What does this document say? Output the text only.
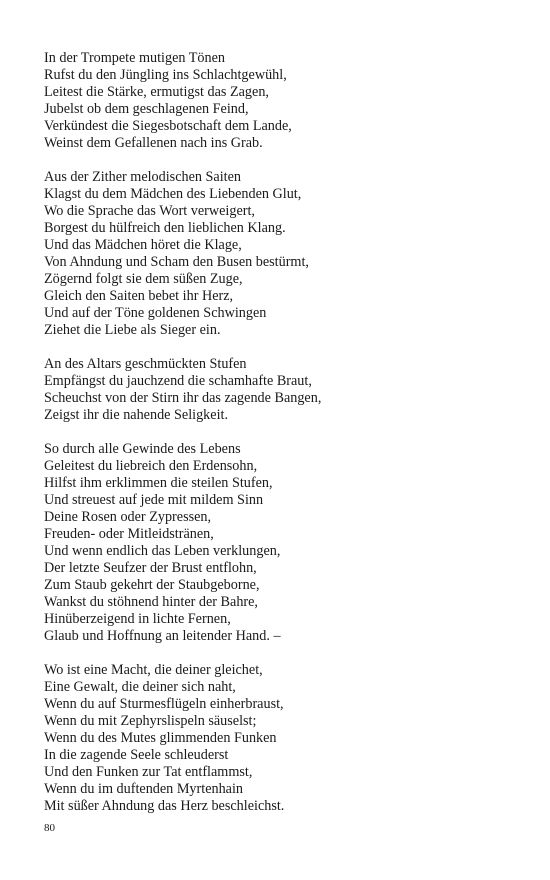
In der Trompete mutigen Tönen
Rufst du den Jüngling ins Schlachtgewühl,
Leitest die Stärke, ermutigst das Zagen,
Jubelst ob dem geschlagenen Feind,
Verkündest die Siegesbotschaft dem Lande,
Weinst dem Gefallenen nach ins Grab.
Aus der Zither melodischen Saiten
Klagst du dem Mädchen des Liebenden Glut,
Wo die Sprache das Wort verweigert,
Borgest du hülfreich den lieblichen Klang.
Und das Mädchen höret die Klage,
Von Ahndung und Scham den Busen bestürmt,
Zögernd folgt sie dem süßen Zuge,
Gleich den Saiten bebet ihr Herz,
Und auf der Töne goldenen Schwingen
Ziehet die Liebe als Sieger ein.
An des Altars geschmückten Stufen
Empfängst du jauchzend die schamhafte Braut,
Scheuchst von der Stirn ihr das zagende Bangen,
Zeigst ihr die nahende Seligkeit.
So durch alle Gewinde des Lebens
Geleitest du liebreich den Erdensohn,
Hilfst ihm erklimmen die steilen Stufen,
Und streuest auf jede mit mildem Sinn
Deine Rosen oder Zypressen,
Freuden- oder Mitleidstränen,
Und wenn endlich das Leben verklungen,
Der letzte Seufzer der Brust entflohn,
Zum Staub gekehrt der Staubgeborne,
Wankst du stöhnend hinter der Bahre,
Hinüberzeigend in lichte Fernen,
Glaub und Hoffnung an leitender Hand. –
Wo ist eine Macht, die deiner gleichet,
Eine Gewalt, die deiner sich naht,
Wenn du auf Sturmesflügeln einherbraust,
Wenn du mit Zephyrslispeln säuselst;
Wenn du des Mutes glimmenden Funken
In die zagende Seele schleuderst
Und den Funken zur Tat entflammst,
Wenn du im duftenden Myrtenhain
Mit süßer Ahndung das Herz beschleichst.
80
